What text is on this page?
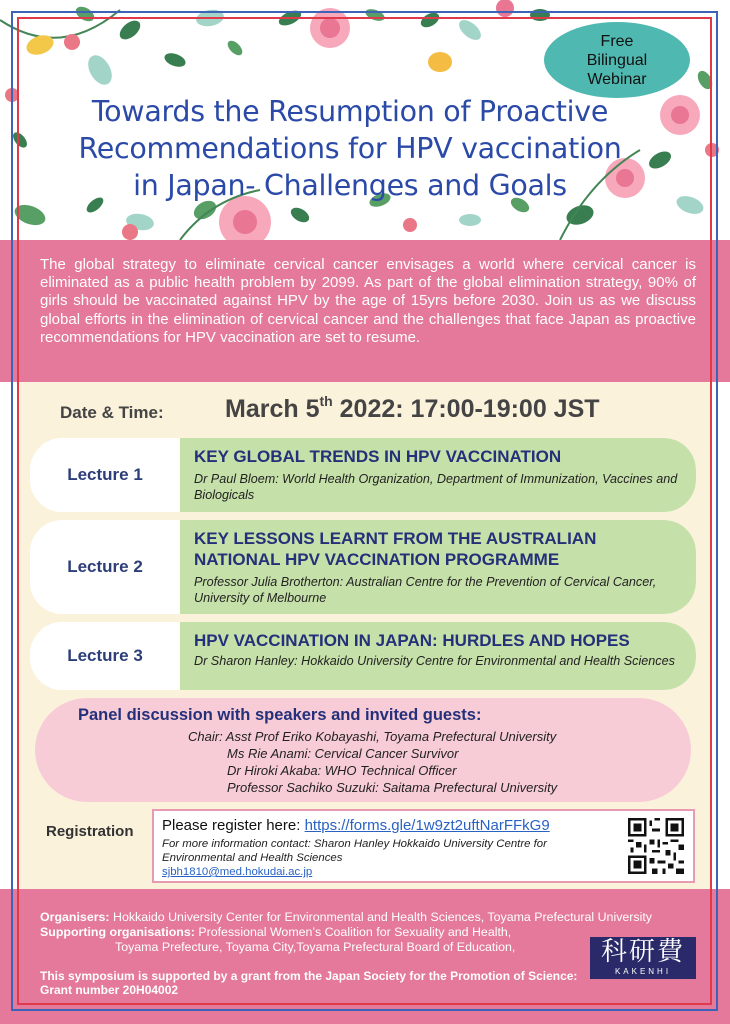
Towards the Resumption of Proactive
Recommendations for HPV vaccination
in Japan- Challenges and Goals
Free
Bilingual
Webinar
The global strategy to eliminate cervical cancer envisages a world where cervical cancer is eliminated as a public health problem by 2099. As part of the global elimination strategy, 90% of girls should be vaccinated against HPV by the age of 15yrs before 2030. Join us as we discuss global efforts in the elimination of cervical cancer and the challenges that face Japan as proactive recommendations for HPV vaccination are set to resume.
Date & Time: March 5th 2022: 17:00-19:00 JST
Lecture 1
KEY GLOBAL TRENDS IN HPV VACCINATION
Dr Paul Bloem: World Health Organization, Department of Immunization, Vaccines and Biologicals
Lecture 2
KEY LESSONS LEARNT FROM THE AUSTRALIAN NATIONAL HPV VACCINATION PROGRAMME
Professor Julia Brotherton: Australian Centre for the Prevention of Cervical Cancer, University of Melbourne
Lecture 3
HPV VACCINATION IN JAPAN: HURDLES AND HOPES
Dr Sharon Hanley: Hokkaido University Centre for Environmental and Health Sciences
Panel discussion with speakers and invited guests:
Chair: Asst Prof Eriko Kobayashi, Toyama Prefectural University
Ms Rie Anami: Cervical Cancer Survivor
Dr Hiroki Akaba: WHO Technical Officer
Professor Sachiko Suzuki: Saitama Prefectural University
Registration Please register here: https://forms.gle/1w9zt2uftNarFFkG9
For more information contact: Sharon Hanley Hokkaido University Centre for Environmental and Health Sciences
sjbh1810@med.hokudai.ac.jp
Organisers: Hokkaido University Center for Environmental and Health Sciences, Toyama Prefectural University
Supporting organisations: Professional Women’s Coalition for Sexuality and Health,
Toyama Prefecture, Toyama City,Toyama Prefectural Board of Education,
This symposium is supported by a grant from the Japan Society for the Promotion of Science:
Grant number 20H04002
科研費
KAKENHI
